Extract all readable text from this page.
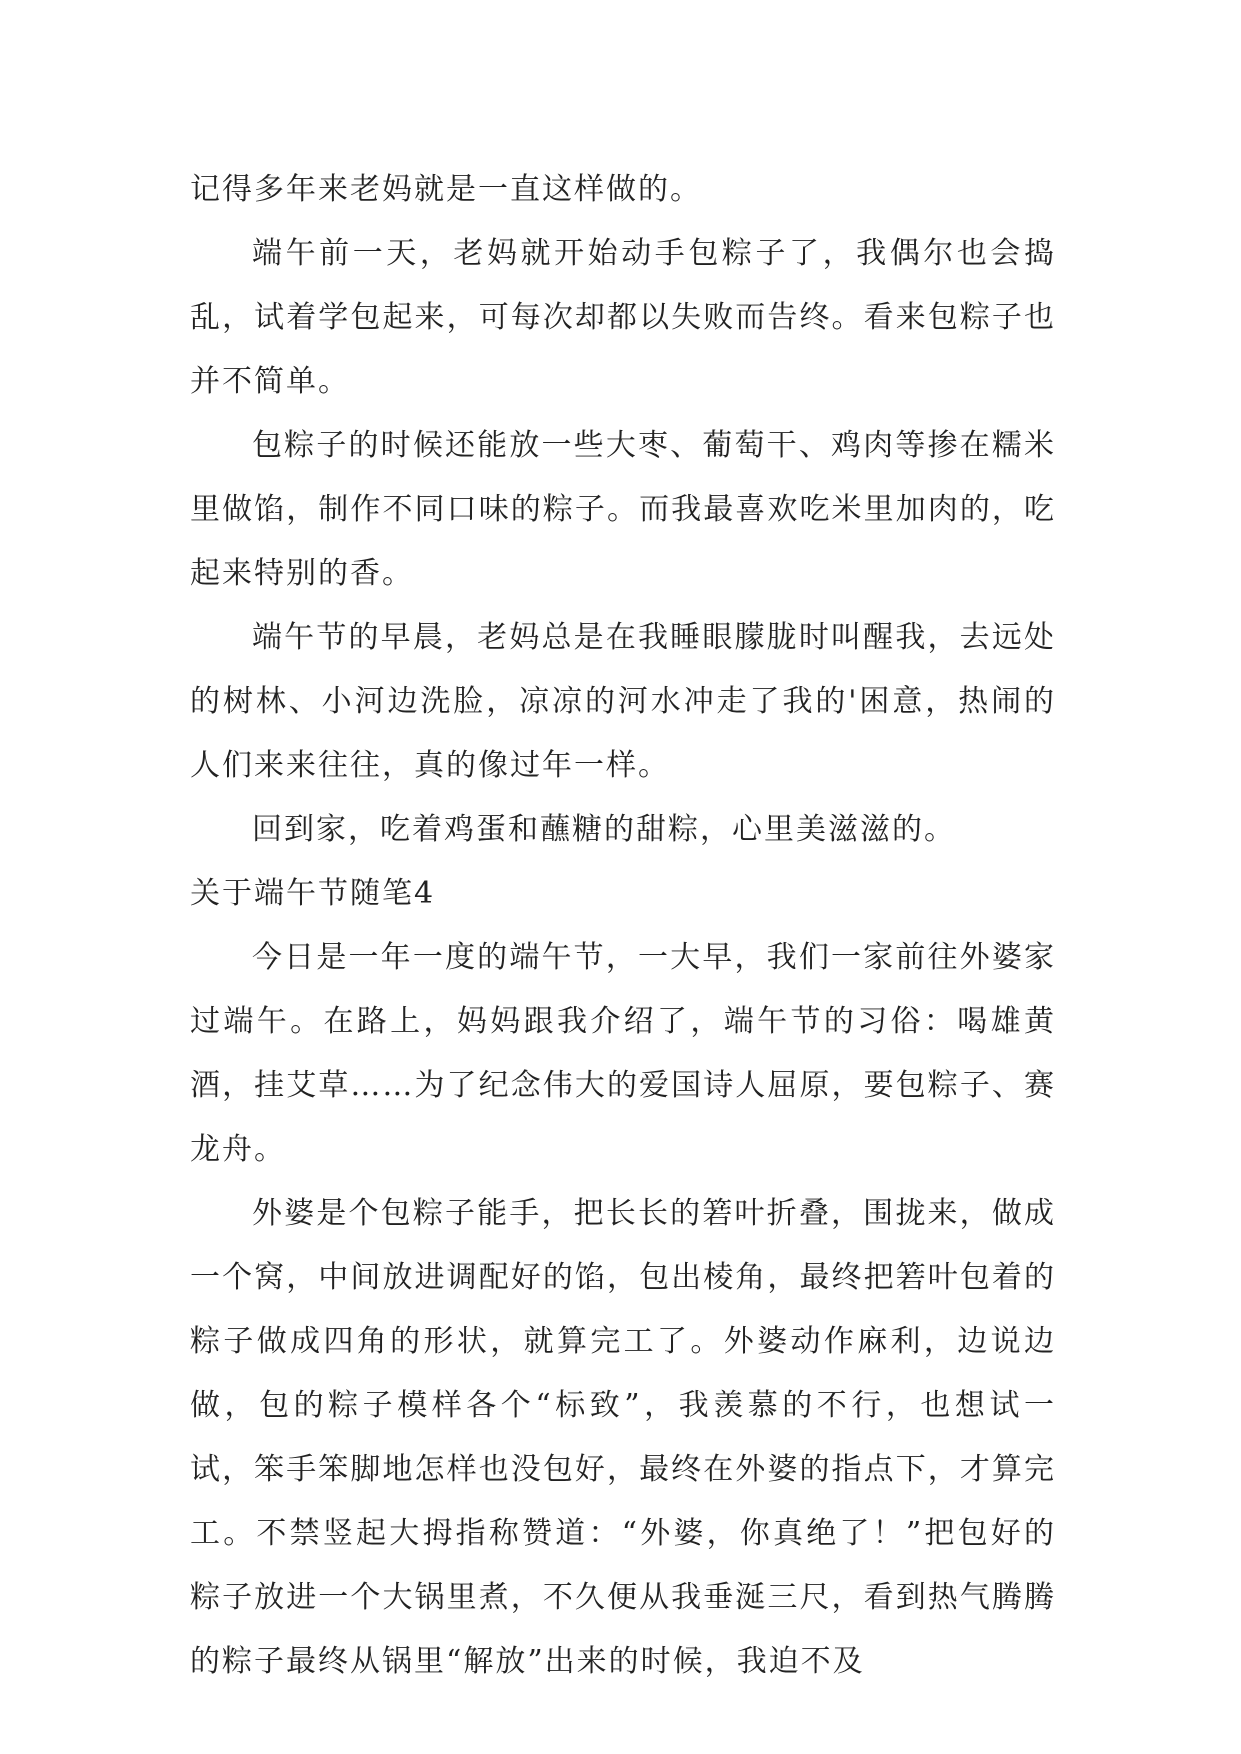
记得多年来老妈就是一直这样做的。

端午前一天，老妈就开始动手包粽子了，我偶尔也会捣乱，试着学包起来，可每次却都以失败而告终。看来包粽子也并不简单。

包粽子的时候还能放一些大枣、葡萄干、鸡肉等掺在糯米里做馅，制作不同口味的粽子。而我最喜欢吃米里加肉的，吃起来特别的香。

端午节的早晨，老妈总是在我睡眼朦胧时叫醒我，去远处的树林、小河边洗脸，凉凉的河水冲走了我的'困意，热闹的人们来来往往，真的像过年一样。

回到家，吃着鸡蛋和蘸糖的甜粽，心里美滋滋的。

关于端午节随笔4

今日是一年一度的端午节，一大早，我们一家前往外婆家过端午。在路上，妈妈跟我介绍了，端午节的习俗：喝雄黄酒，挂艾草……为了纪念伟大的爱国诗人屈原，要包粽子、赛龙舟。

外婆是个包粽子能手，把长长的箬叶折叠，围拢来，做成一个窝，中间放进调配好的馅，包出棱角，最终把箬叶包着的粽子做成四角的形状，就算完工了。外婆动作麻利，边说边做，包的粽子模样各个“标致”，我羡慕的不行，也想试一试，笨手笨脚地怎样也没包好，最终在外婆的指点下，才算完工。不禁竖起大拇指称赞道：“外婆，你真绝了！”把包好的粽子放进一个大锅里煮，不久便从我垂涎三尺，看到热气腾腾的粽子最终从锅里“解放”出来的时候，我迫不及
